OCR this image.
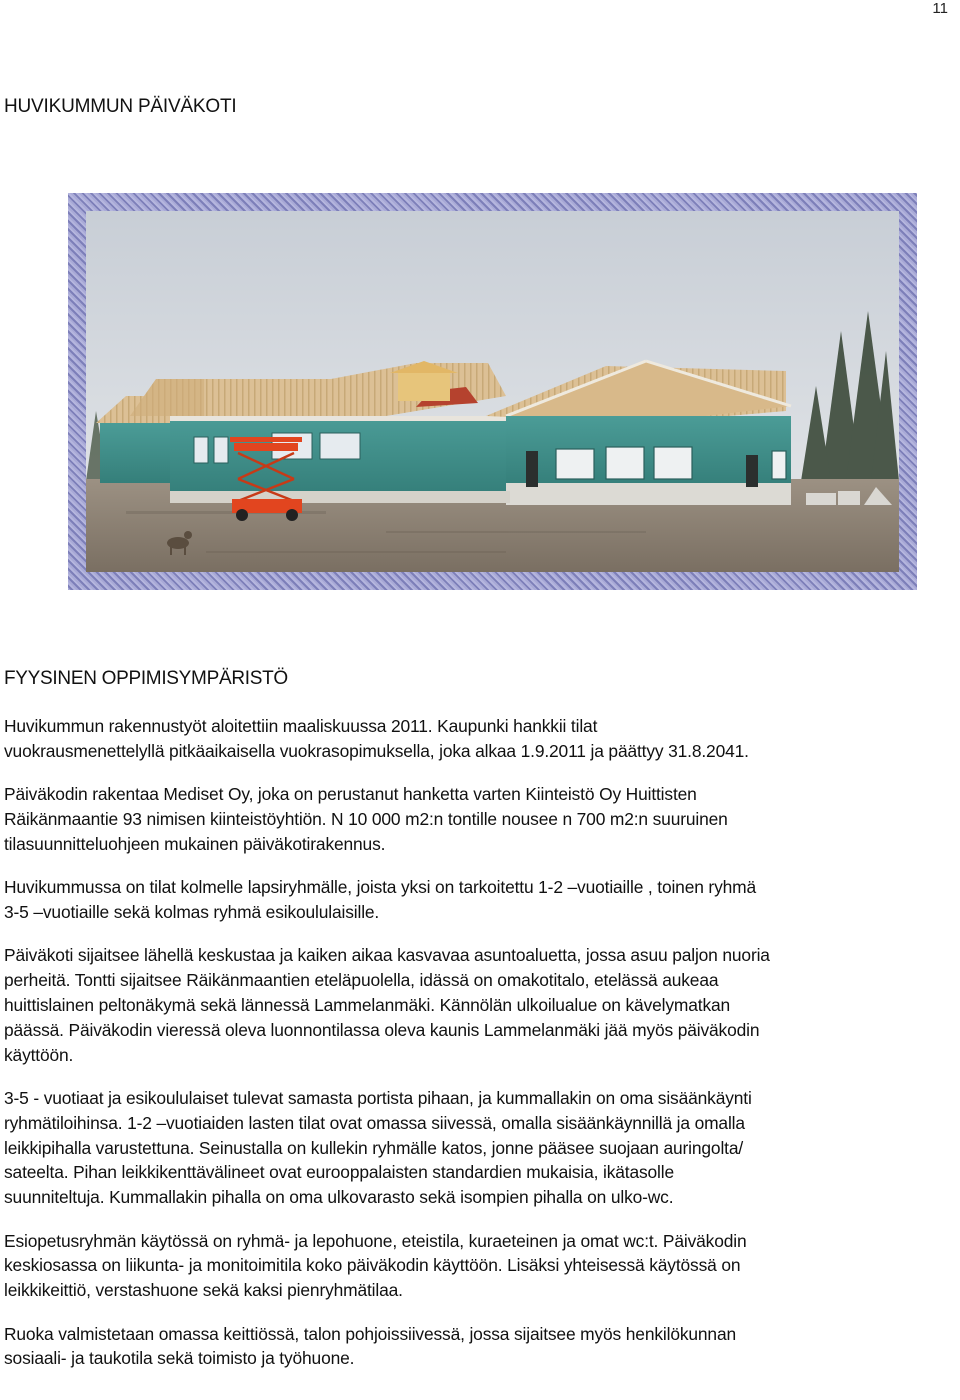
11
HUVIKUMMUN PÄIVÄKOTI
FYYSINEN OPPIMISYMPÄRISTÖ

Huvikummun rakennustyöt aloitettiin maaliskuussa 2011. Kaupunki hankkii tilat
vuokrausmenettelyllä pitkäaikaisella vuokrasopimuksella, joka alkaa 1.9.2011 ja päättyy 31.8.2041.

Päiväkodin rakentaa Mediset Oy, joka on perustanut hanketta varten Kiinteistö Oy Huittisten
Räikänmaantie 93 nimisen kiinteistöyhtiön. N 10 000 m2:n tontille nousee n 700 m2:n suuruinen
tilasuunnitteluohjeen mukainen päiväkotirakennus.

Huvikummussa on tilat kolmelle lapsiryhmälle, joista yksi on tarkoitettu 1-2 –vuotiaille , toinen ryhmä
3-5 –vuotiaille sekä kolmas ryhmä esikoululaisille.

Päiväkoti sijaitsee lähellä keskustaa ja kaiken aikaa kasvavaa asuntoaluetta, jossa asuu paljon nuoria
perheitä. Tontti sijaitsee Räikänmaantien eteläpuolella, idässä on omakotitalo, etelässä aukeaa
huittislainen peltonäkymä sekä lännessä Lammelanmäki. Kännölän ulkoilualue on kävelymatkan
päässä. Päiväkodin vieressä oleva luonnontilassa oleva kaunis Lammelanmäki jää myös päiväkodin
käyttöön.

3-5 - vuotiaat ja esikoululaiset tulevat samasta portista pihaan, ja kummallakin on oma sisäänkäynti
ryhmätiloihinsa. 1-2 –vuotiaiden lasten tilat ovat omassa siivessä, omalla sisäänkäynnillä ja omalla
leikkipihalla varustettuna. Seinustalla on kullekin ryhmälle katos, jonne pääsee suojaan auringolta/
sateelta. Pihan leikkikenttävälineet ovat eurooppalaisten standardien mukaisia, ikätasolle
suunniteltuja. Kummallakin pihalla on oma ulkovarasto sekä isompien pihalla on ulko-wc.

Esiopetusryhmän käytössä on ryhmä- ja lepohuone, eteistila, kuraeteinen ja omat wc:t. Päiväkodin
keskiosassa on liikunta- ja monitoimitila koko päiväkodin käyttöön. Lisäksi yhteisessä käytössä on
leikkikeittiö, verstashuone sekä kaksi pienryhmätilaa.

Ruoka valmistetaan omassa keittiössä, talon pohjoissiivessä, jossa sijaitsee myös henkilökunnan
sosiaali- ja taukotila sekä toimisto ja työhuone.
